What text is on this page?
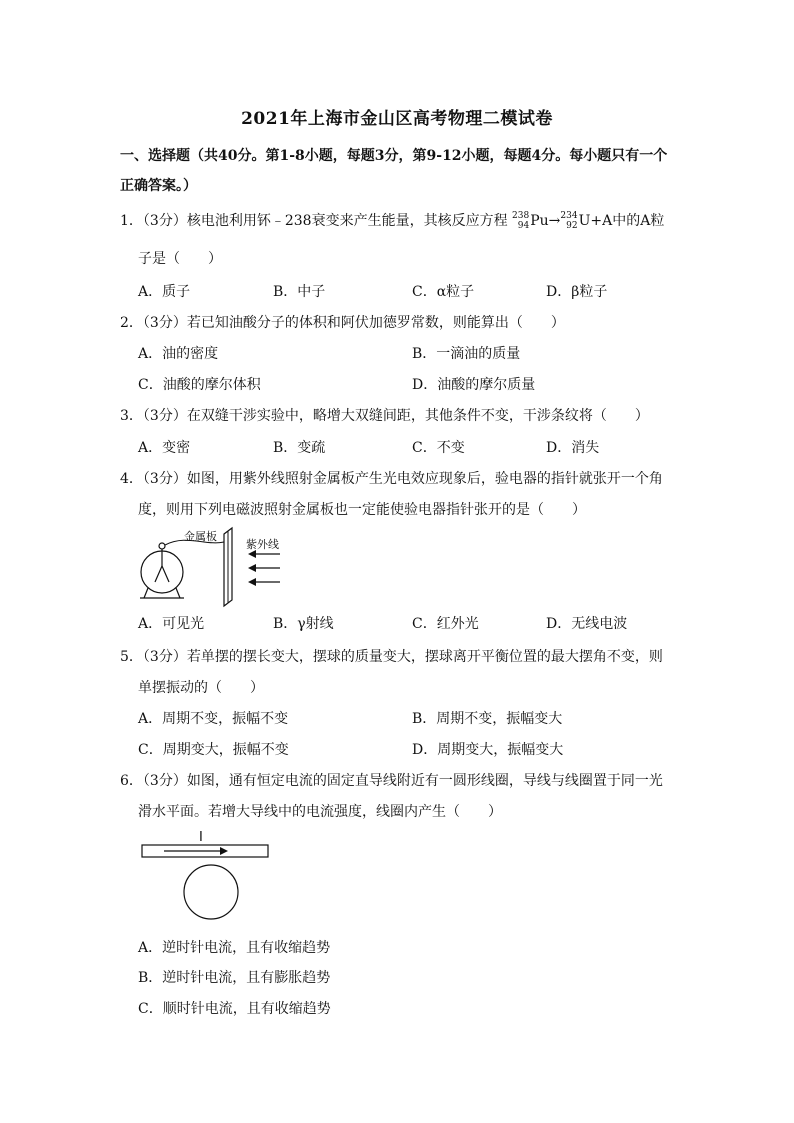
2021年上海市金山区高考物理二模试卷
一、选择题（共40分。第1-8小题，每题3分，第9-12小题，每题4分。每小题只有一个
正确答案。）
1．（3分）核电池利用钚﹣238衰变来产生能量，其核反应方程 238
94 Pu→ 234
92 U+A中的A粒
子是（　　）
A．质子	B．中子	C．α粒子	D．β粒子
2．（3分）若已知油酸分子的体积和阿伏加德罗常数，则能算出（　　）
A．油的密度	B．一滴油的质量
C．油酸的摩尔体积	D．油酸的摩尔质量
3．（3分）在双缝干涉实验中，略增大双缝间距，其他条件不变，干涉条纹将（　　）
A．变密	B．变疏	C．不变	D．消失
4．（3分）如图，用紫外线照射金属板产生光电效应现象后，验电器的指针就张开一个角
度，则用下列电磁波照射金属板也一定能使验电器指针张开的是（　　）
金属板
紫外线
A．可见光	B．γ射线	C．红外光	D．无线电波
5．（3分）若单摆的摆长变大，摆球的质量变大，摆球离开平衡位置的最大摆角不变，则
单摆振动的（　　）
A．周期不变，振幅不变	B．周期不变，振幅变大
C．周期变大，振幅不变	D．周期变大，振幅变大
6．（3分）如图，通有恒定电流的固定直导线附近有一圆形线圈，导线与线圈置于同一光
滑水平面。若增大导线中的电流强度，线圈内产生（　　）
I
A．逆时针电流，且有收缩趋势
B．逆时针电流，且有膨胀趋势
C．顺时针电流，且有收缩趋势
